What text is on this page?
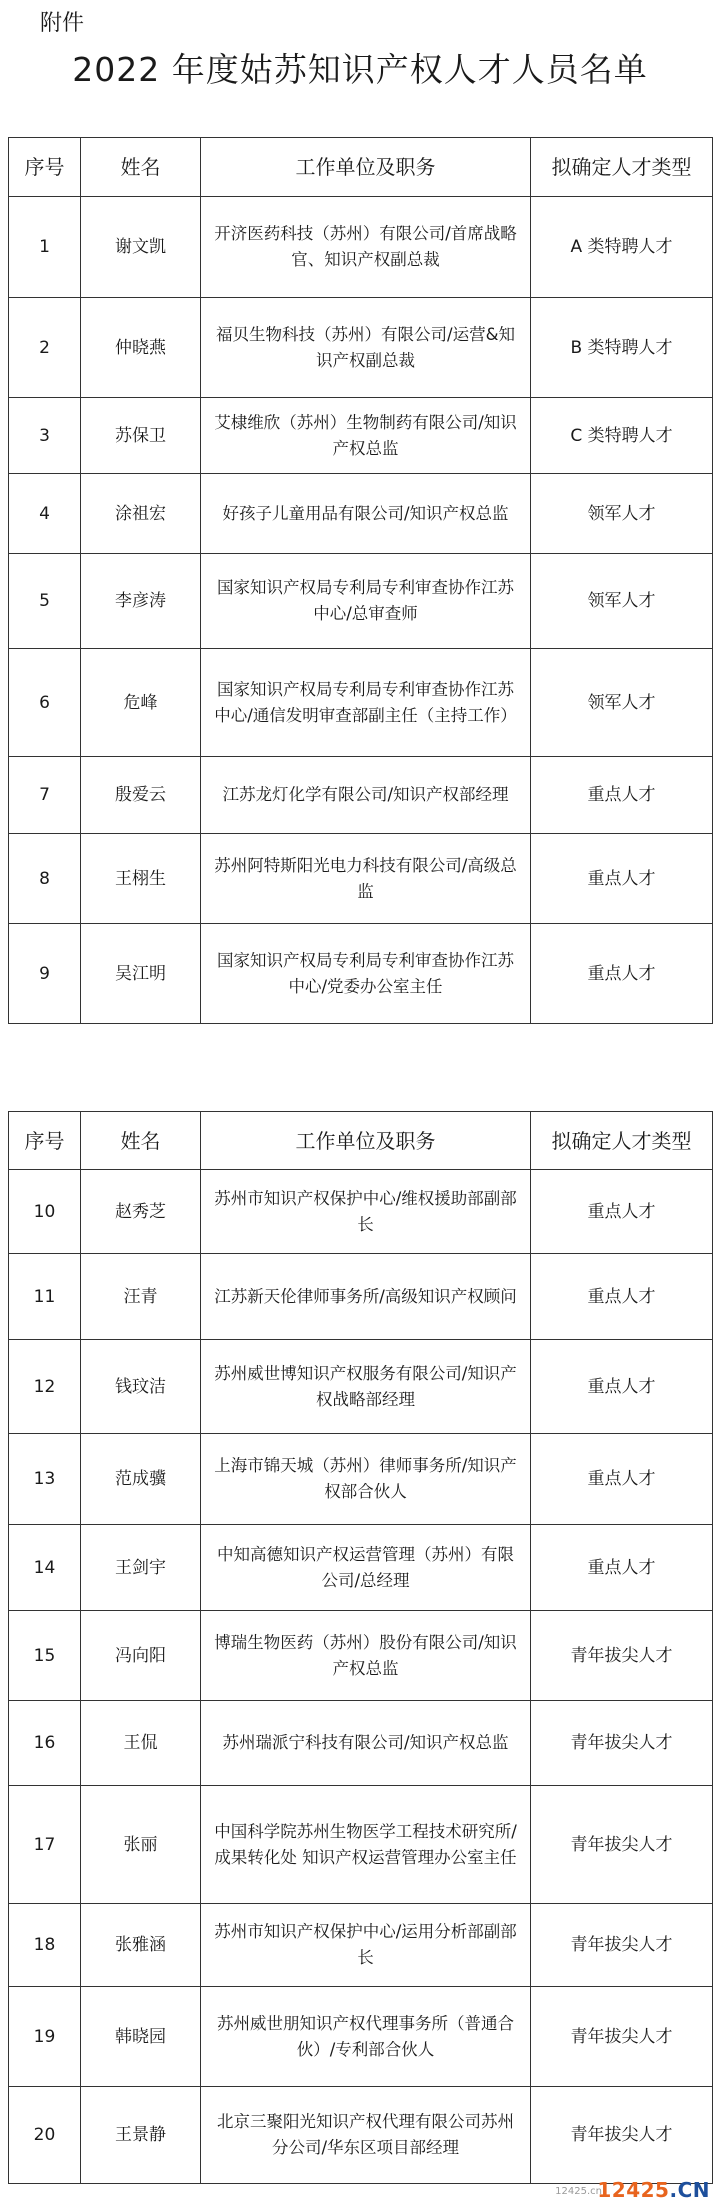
附件
2022 年度姑苏知识产权人才人员名单
序号	姓名	工作单位及职务	拟确定人才类型
1	谢文凯	开济医药科技（苏州）有限公司/首席战略官、知识产权副总裁	A 类特聘人才
2	仲晓燕	福贝生物科技（苏州）有限公司/运营&知识产权副总裁	B 类特聘人才
3	苏保卫	艾棣维欣（苏州）生物制药有限公司/知识产权总监	C 类特聘人才
4	涂祖宏	好孩子儿童用品有限公司/知识产权总监	领军人才
5	李彦涛	国家知识产权局专利局专利审查协作江苏中心/总审查师	领军人才
6	危峰	国家知识产权局专利局专利审查协作江苏中心/通信发明审查部副主任（主持工作）	领军人才
7	殷爱云	江苏龙灯化学有限公司/知识产权部经理	重点人才
8	王栩生	苏州阿特斯阳光电力科技有限公司/高级总监	重点人才
9	吴江明	国家知识产权局专利局专利审查协作江苏中心/党委办公室主任	重点人才
序号	姓名	工作单位及职务	拟确定人才类型
10	赵秀芝	苏州市知识产权保护中心/维权援助部副部长	重点人才
11	汪青	江苏新天伦律师事务所/高级知识产权顾问	重点人才
12	钱玟洁	苏州威世博知识产权服务有限公司/知识产权战略部经理	重点人才
13	范成骥	上海市锦天城（苏州）律师事务所/知识产权部合伙人	重点人才
14	王剑宇	中知高德知识产权运营管理（苏州）有限公司/总经理	重点人才
15	冯向阳	博瑞生物医药（苏州）股份有限公司/知识产权总监	青年拔尖人才
16	王侃	苏州瑞派宁科技有限公司/知识产权总监	青年拔尖人才
17	张丽	中国科学院苏州生物医学工程技术研究所/成果转化处 知识产权运营管理办公室主任	青年拔尖人才
18	张雅涵	苏州市知识产权保护中心/运用分析部副部长	青年拔尖人才
19	韩晓园	苏州威世朋知识产权代理事务所（普通合伙）/专利部合伙人	青年拔尖人才
20	王景静	北京三聚阳光知识产权代理有限公司苏州分公司/华东区项目部经理	青年拔尖人才
12425.cn
12425.CN
